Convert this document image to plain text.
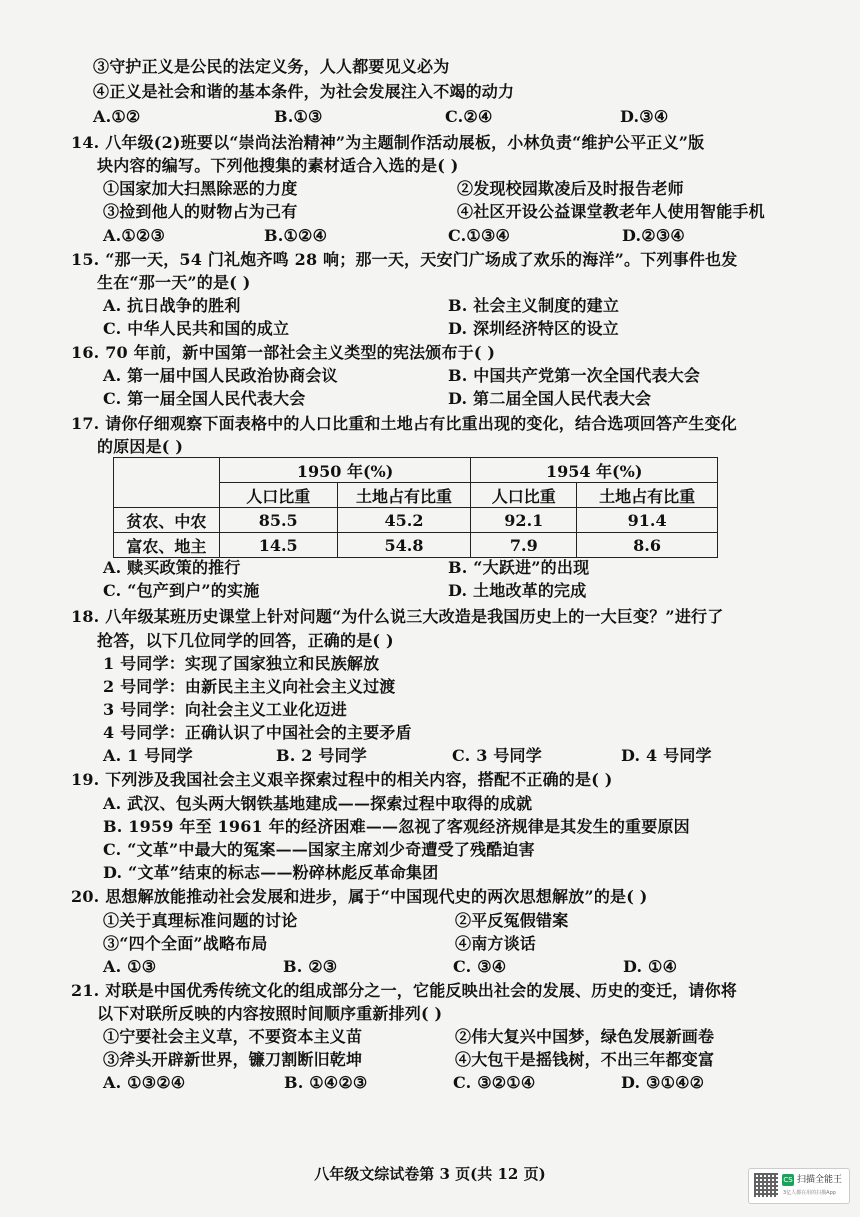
③守护正义是公民的法定义务，人人都要见义必为
④正义是社会和谐的基本条件，为社会发展注入不竭的动力
A.①②	B.①③	C.②④	D.③④
14. 八年级(2)班要以“崇尚法治精神”为主题制作活动展板，小林负责“维护公平正义”版
块内容的编写。下列他搜集的素材适合入选的是( )
①国家加大扫黑除恶的力度	②发现校园欺凌后及时报告老师
③捡到他人的财物占为己有	④社区开设公益课堂教老年人使用智能手机
A.①②③	B.①②④	C.①③④	D.②③④
15. “那一天，54 门礼炮齐鸣 28 响；那一天，天安门广场成了欢乐的海洋”。下列事件也发
生在“那一天”的是( )
A. 抗日战争的胜利	B. 社会主义制度的建立
C. 中华人民共和国的成立	D. 深圳经济特区的设立
16. 70 年前，新中国第一部社会主义类型的宪法颁布于( )
A. 第一届中国人民政治协商会议	B. 中国共产党第一次全国代表大会
C. 第一届全国人民代表大会	D. 第二届全国人民代表大会
17. 请你仔细观察下面表格中的人口比重和土地占有比重出现的变化，结合选项回答产生变化
的原因是( )
	1950 年(%)		1954 年(%)	
	人口比重	土地占有比重	人口比重	土地占有比重
贫农、中农	85.5	45.2	92.1	91.4
富农、地主	14.5	54.8	7.9	8.6
A. 赎买政策的推行	B. “大跃进”的出现
C. “包产到户”的实施	D. 土地改革的完成
18. 八年级某班历史课堂上针对问题“为什么说三大改造是我国历史上的一大巨变？”进行了
抢答，以下几位同学的回答，正确的是( )
1 号同学：实现了国家独立和民族解放
2 号同学：由新民主主义向社会主义过渡
3 号同学：向社会主义工业化迈进
4 号同学：正确认识了中国社会的主要矛盾
A. 1 号同学	B. 2 号同学	C. 3 号同学	D. 4 号同学
19. 下列涉及我国社会主义艰辛探索过程中的相关内容，搭配不正确的是( )
A. 武汉、包头两大钢铁基地建成——探索过程中取得的成就
B. 1959 年至 1961 年的经济困难——忽视了客观经济规律是其发生的重要原因
C. “文革”中最大的冤案——国家主席刘少奇遭受了残酷迫害
D. “文革”结束的标志——粉碎林彪反革命集团
20. 思想解放能推动社会发展和进步，属于“中国现代史的两次思想解放”的是( )
①关于真理标准问题的讨论	②平反冤假错案
③“四个全面”战略布局	④南方谈话
A. ①③	B. ②③	C. ③④	D. ①④
21. 对联是中国优秀传统文化的组成部分之一，它能反映出社会的发展、历史的变迁，请你将
以下对联所反映的内容按照时间顺序重新排列( )
①宁要社会主义草，不要资本主义苗	②伟大复兴中国梦，绿色发展新画卷
③斧头开辟新世界，镰刀割断旧乾坤	④大包干是摇钱树，不出三年都变富
A. ①③②④	B. ①④②③	C. ③②①④	D. ③①④②
八年级文综试卷第 3 页(共 12 页)	CS 扫描全能王
3亿人都在用的扫描App
